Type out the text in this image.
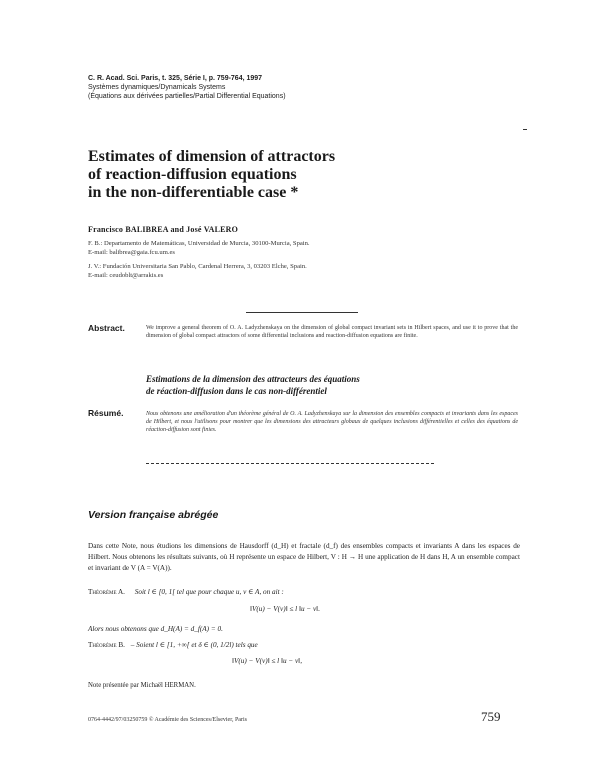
C. R. Acad. Sci. Paris, t. 325, Série I, p. 759-764, 1997
Systèmes dynamiques/Dynamicals Systems
(Équations aux dérivées partielles/Partial Differential Equations)
Estimates of dimension of attractors
of reaction-diffusion equations
in the non-differentiable case *
Francisco BALIBREA and José VALERO
F. B.: Departamento de Matemáticas, Universidad de Murcia, 30100-Murcia, Spain.
E-mail: balibrea@gaia.fcu.um.es
J. V.: Fundación Universitaria San Pablo, Cardenal Herrera, 3, 03203 Elche, Spain.
E-mail: ceudoblt@arrakis.es
Abstract.	We improve a general theorem of O. A. Ladyzhenskaya on the dimension of global compact invariant sets in Hilbert spaces, and use it to prove that the dimension of global compact attractors of some differential inclusions and reaction-diffusion equations are finite.
Estimations de la dimension des attracteurs des équations
de réaction-diffusion dans le cas non-différentiel
Résumé.	Nous obtenons une amélioration d'un théorème général de O. A. Ladyzhenskaya sur la dimension des ensembles compacts et invariants dans les espaces de Hilbert, et nous l'utilisons pour montrer que les dimensions des attracteurs globaux de quelques inclusions différentielles et celles des équations de réaction-diffusion sont finies.
Version française abrégée
Dans cette Note, nous étudions les dimensions de Hausdorff (d_H) et fractale (d_f) des ensembles compacts et invariants A dans les espaces de Hilbert. Nous obtenons les résultats suivants, où H représente un espace de Hilbert, V : H → H une application de H dans H, A un ensemble compact et invariant de V (A = V(A)).
Théorème A. Soit l ∈ [0, 1[ tel que pour chaque u, v ∈ A, on ait :
‖V(u) − V(v)‖ ≤ l ‖u − v‖.
Alors nous obtenons que d_H(A) = d_f(A) = 0.
Théorème B. – Soient l ∈ [1, +∞[ et δ ∈ (0, 1/2l) tels que
‖V(u) − V(v)‖ ≤ l ‖u − v‖,
Note présentée par Michaël HERMAN.
0764-4442/97/03250759 © Académie des Sciences/Elsevier, Paris	759
